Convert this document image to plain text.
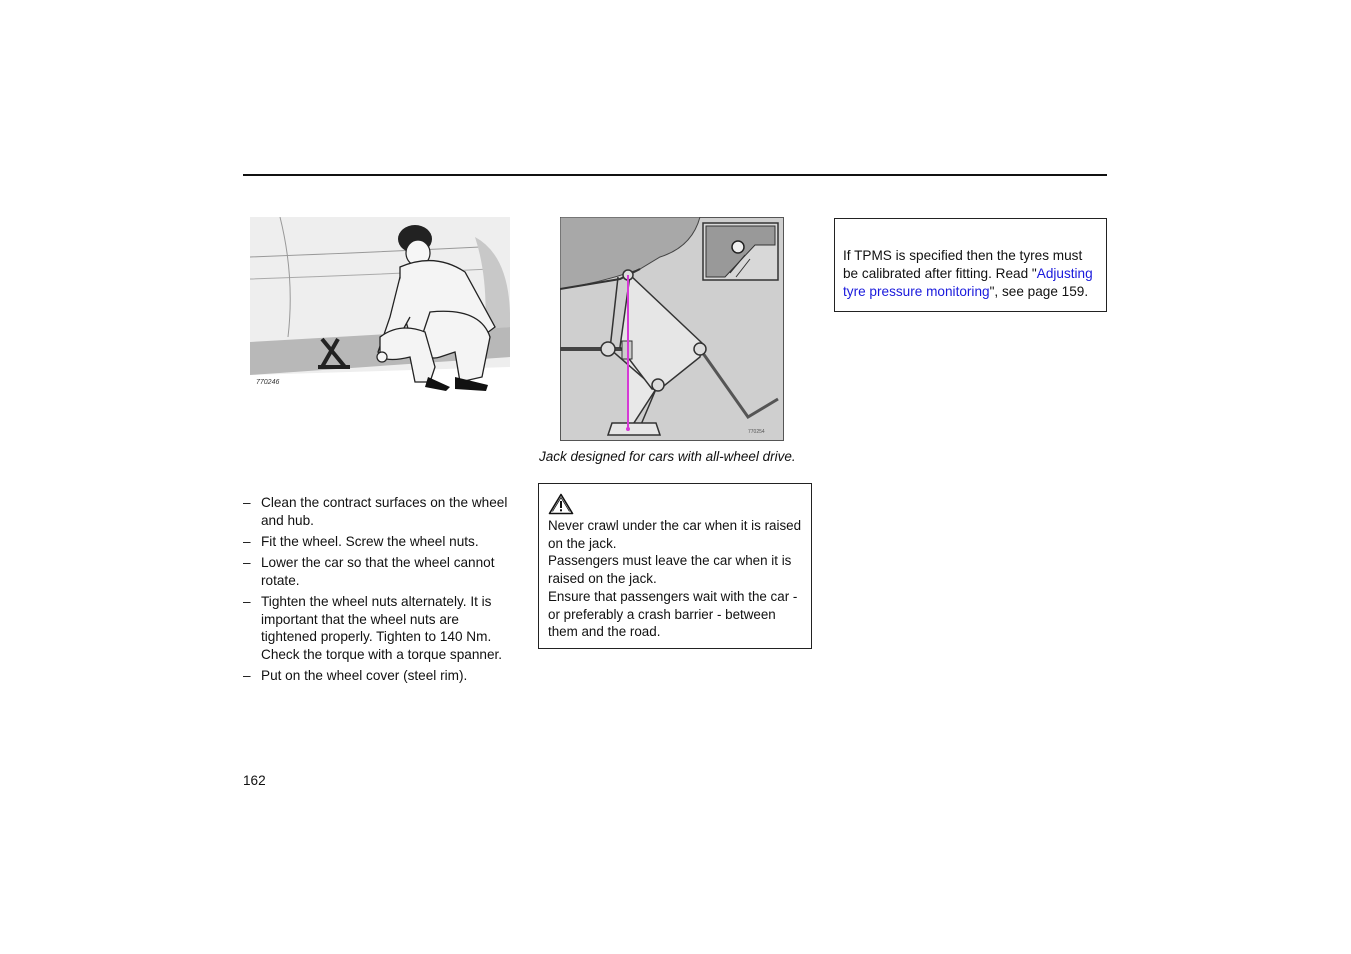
770246
770254
Jack designed for cars with all-wheel drive.
If TPMS is specified then the tyres must be calibrated after fitting. Read "Adjusting tyre pressure monitoring", see page 159.
– Clean the contract surfaces on the wheel and hub.
– Fit the wheel. Screw the wheel nuts.
– Lower the car so that the wheel cannot rotate.
– Tighten the wheel nuts alternately. It is important that the wheel nuts are tightened properly. Tighten to 140 Nm. Check the torque with a torque spanner.
– Put on the wheel cover (steel rim).

Never crawl under the car when it is raised on the jack.

Passengers must leave the car when it is raised on the jack.

Ensure that passengers wait with the car - or preferably a crash barrier - between them and the road.

162
